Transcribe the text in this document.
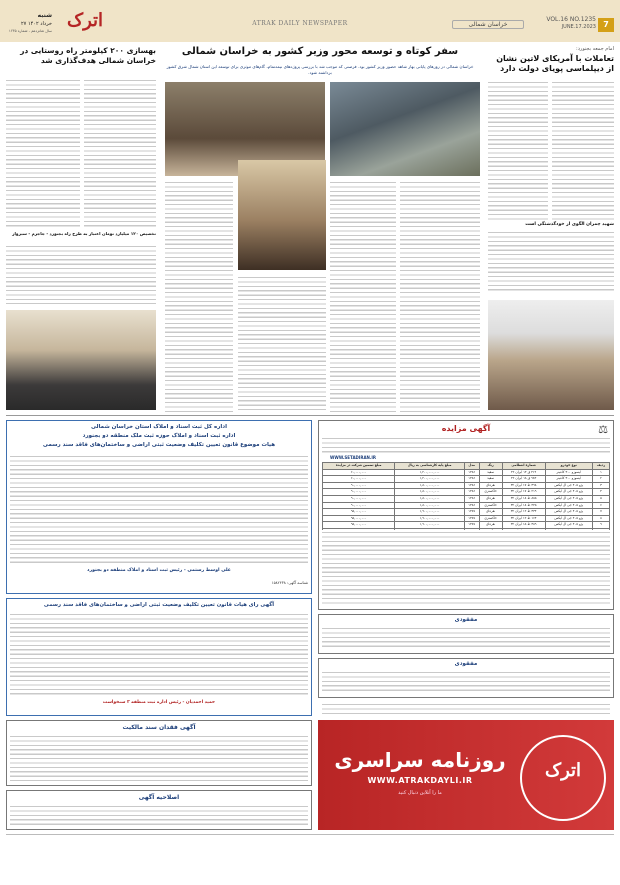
7
VOL.16 NO.1235
JUNE.17.2023
خراسان شمالی
ATRAK DAILY NEWSPAPER
اترک
شنبه
۲۷ خرداد ۱۴۰۲
سال شانزدهم - شماره ۱۲۳۵
سفر کوتاه و توسعه محور وزیر کشور به خراسان شمالی
خراسان شمالی در روزهای پایانی بهار شاهد حضور وزیر کشور بود. فرصتی که موجب شد با بررسی پروژه‌های نیمه‌تمام، گام‌های موثری برای توسعه این استان شمال شرق کشور برداشته شود.
امام جمعه بجنورد:
تعاملات با آمریکای لاتین نشان از دیپلماسی پویای دولت دارد
شهید چمران الگوی از خودگذشتگی است
بهسازی ۲۰۰ کیلومتر راه روستایی در خراسان شمالی هدف‌گذاری شد
تخصیص ۱۲۰ میلیارد تومان اعتبار به طرح راه بجنورد - جاجرم - سبزوار
آگهی مزایده	⚖
WWW.SETADIRAN.IR
مبلغ تضمین شرکت در مزایده	مبلغ پایه کارشناسی به ریال	مدل	رنگ	شماره انتظامی	نوع خودرو	ردیف
۶۰,۰۰۰,۰۰۰	۱,۲۰۰,۰۰۰,۰۰۰	۱۳۸۶	سفید	۴۱۴ ق ۱۴ ایران ۴۲	ایسوزو ۳۰۰ کانتینر	۱
۶۰,۰۰۰,۰۰۰	۱,۲۰۰,۰۰۰,۰۰۰	۱۳۸۶	سفید	۹۸۳ ق ۱۸ ایران ۴۲	ایسوزو ۳۰۰ کانتینر	۲
۹۰,۰۰۰,۰۰۰	۱,۸۰۰,۰۰۰,۰۰۰	۱۳۸۶	نقره‌ای	۳۹۸ ط ۱۷ ایران ۳۲	پژو ۴۰۵ جی ال ایکس	۳
۹۰,۰۰۰,۰۰۰	۱,۸۰۰,۰۰۰,۰۰۰	۱۳۸۶	خاکستری	۲۱۹ ط ۱۷ ایران ۳۲	پژو ۴۰۵ جی ال ایکس	۴
۹۰,۰۰۰,۰۰۰	۱,۸۰۰,۰۰۰,۰۰۰	۱۳۸۶	نقره‌ای	۸۸۵ ط ۱۸ ایران ۳۲	پژو ۴۰۵ جی ال ایکس	۵
۹۰,۰۰۰,۰۰۰	۱,۸۰۰,۰۰۰,۰۰۰	۱۳۸۶	خاکستری	۴۴۵ ط ۱۸ ایران ۳۲	پژو ۴۰۵ جی ال ایکس	۶
۹۵,۰۰۰,۰۰۰	۱,۹۰۰,۰۰۰,۰۰۰	۱۳۸۷	نقره‌ای	۳۳۴ ط ۱۲ ایران ۳۲	پژو ۴۰۵ جی ال ایکس	۷
۹۵,۰۰۰,۰۰۰	۱,۹۰۰,۰۰۰,۰۰۰	۱۳۸۷	خاکستری	۱۶۴ ط ۱۲ ایران ۳۲	پژو ۴۰۵ جی ال ایکس	۸
۹۵,۰۰۰,۰۰۰	۱,۹۰۰,۰۰۰,۰۰۰	۱۳۸۷	نقره‌ای	۳۸۹ ط ۱۵ ایران ۳۲	پژو ۴۰۵ جی ال ایکس	۹

اداره کل ثبت اسناد و املاک استان خراسان شمالی
اداره ثبت اسناد و املاک حوزه ثبت ملک منطقه دو بجنورد
هیات موضوع قانون تعیین تکلیف وضعیت ثبتی اراضی و ساختمان‌های فاقد سند رسمی
علی اوسط رستمی - رئیس ثبت اسناد و املاک منطقه دو بجنورد
شناسه آگهی: ۱۵۸۲۴۳۸
آگهی رای هیات قانون تعیین تکلیف وضعیت ثبتی اراضی و ساختمان‌های فاقد سند رسمی
حمید احمدیان - رئیس اداره ثبت منطقه ۲ سنخواست
آگهی فقدان سند مالکیت
اصلاحیه آگهی
مفقودی
مفقودی
روزنامه سراسری
WWW.ATRAKDAYLI.IR
ما را آنلاین دنبال کنید
اترک
